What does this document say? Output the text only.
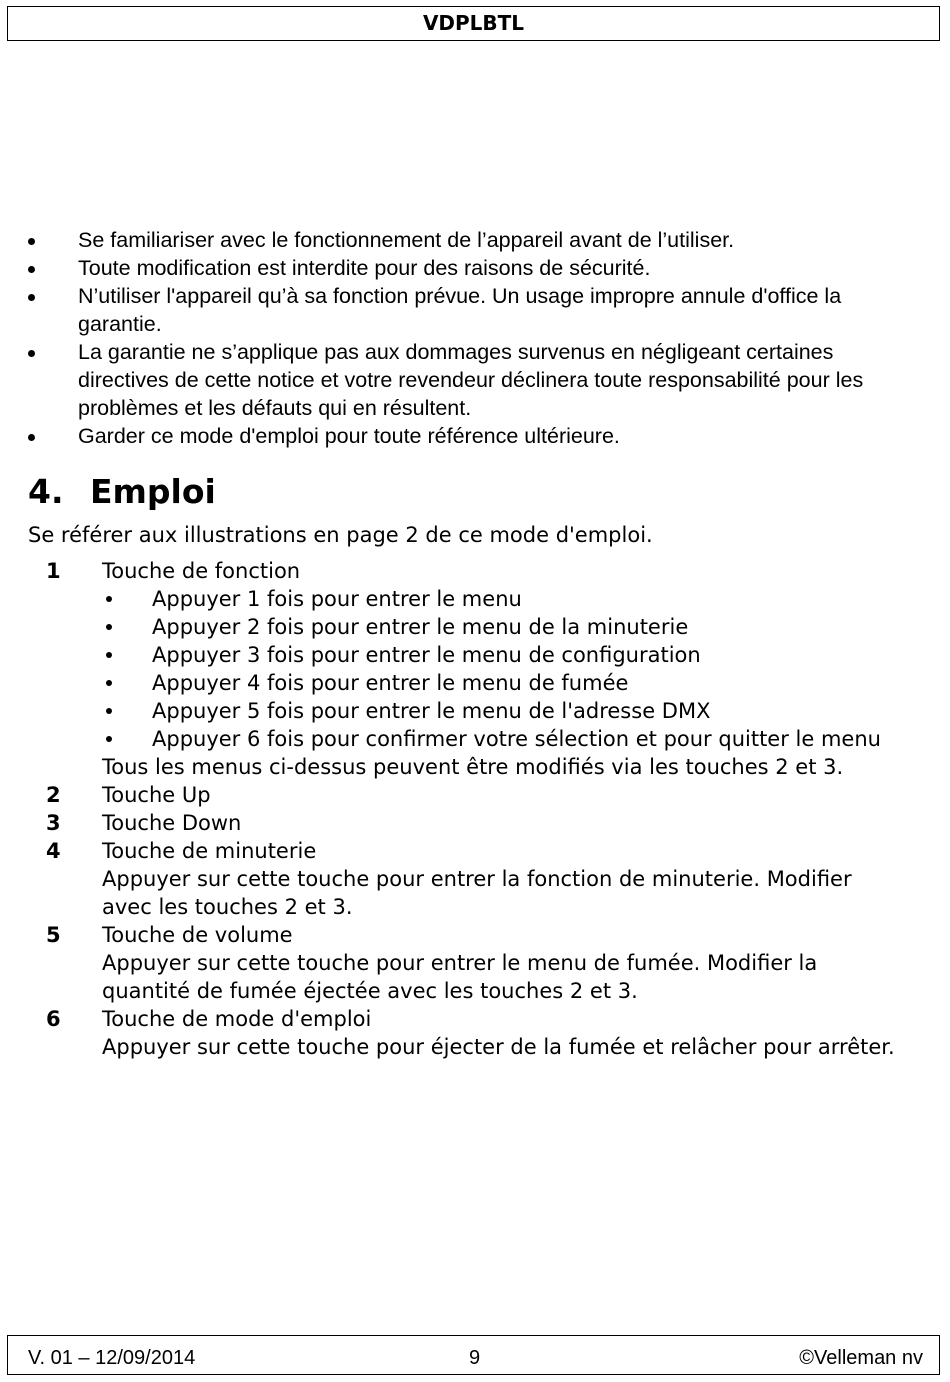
VDPLBTL
Se familiariser avec le fonctionnement de l’appareil avant de l’utiliser.
Toute modification est interdite pour des raisons de sécurité.
N’utiliser l'appareil qu’à sa fonction prévue. Un usage impropre annule d'office la garantie.
La garantie ne s’applique pas aux dommages survenus en négligeant certaines directives de cette notice et votre revendeur déclinera toute responsabilité pour les problèmes et les défauts qui en résultent.
Garder ce mode d'emploi pour toute référence ultérieure.
4. Emploi
Se référer aux illustrations en page 2 de ce mode d'emploi.
1 Touche de fonction
Appuyer 1 fois pour entrer le menu
Appuyer 2 fois pour entrer le menu de la minuterie
Appuyer 3 fois pour entrer le menu de configuration
Appuyer 4 fois pour entrer le menu de fumée
Appuyer 5 fois pour entrer le menu de l'adresse DMX
Appuyer 6 fois pour confirmer votre sélection et pour quitter le menu
Tous les menus ci-dessus peuvent être modifiés via les touches 2 et 3.
2 Touche Up
3 Touche Down
4 Touche de minuterie
Appuyer sur cette touche pour entrer la fonction de minuterie. Modifier avec les touches 2 et 3.
5 Touche de volume
Appuyer sur cette touche pour entrer le menu de fumée. Modifier la quantité de fumée éjectée avec les touches 2 et 3.
6 Touche de mode d'emploi
Appuyer sur cette touche pour éjecter de la fumée et relâcher pour arrêter.
9
V. 01 – 12/09/2014	©Velleman nv
